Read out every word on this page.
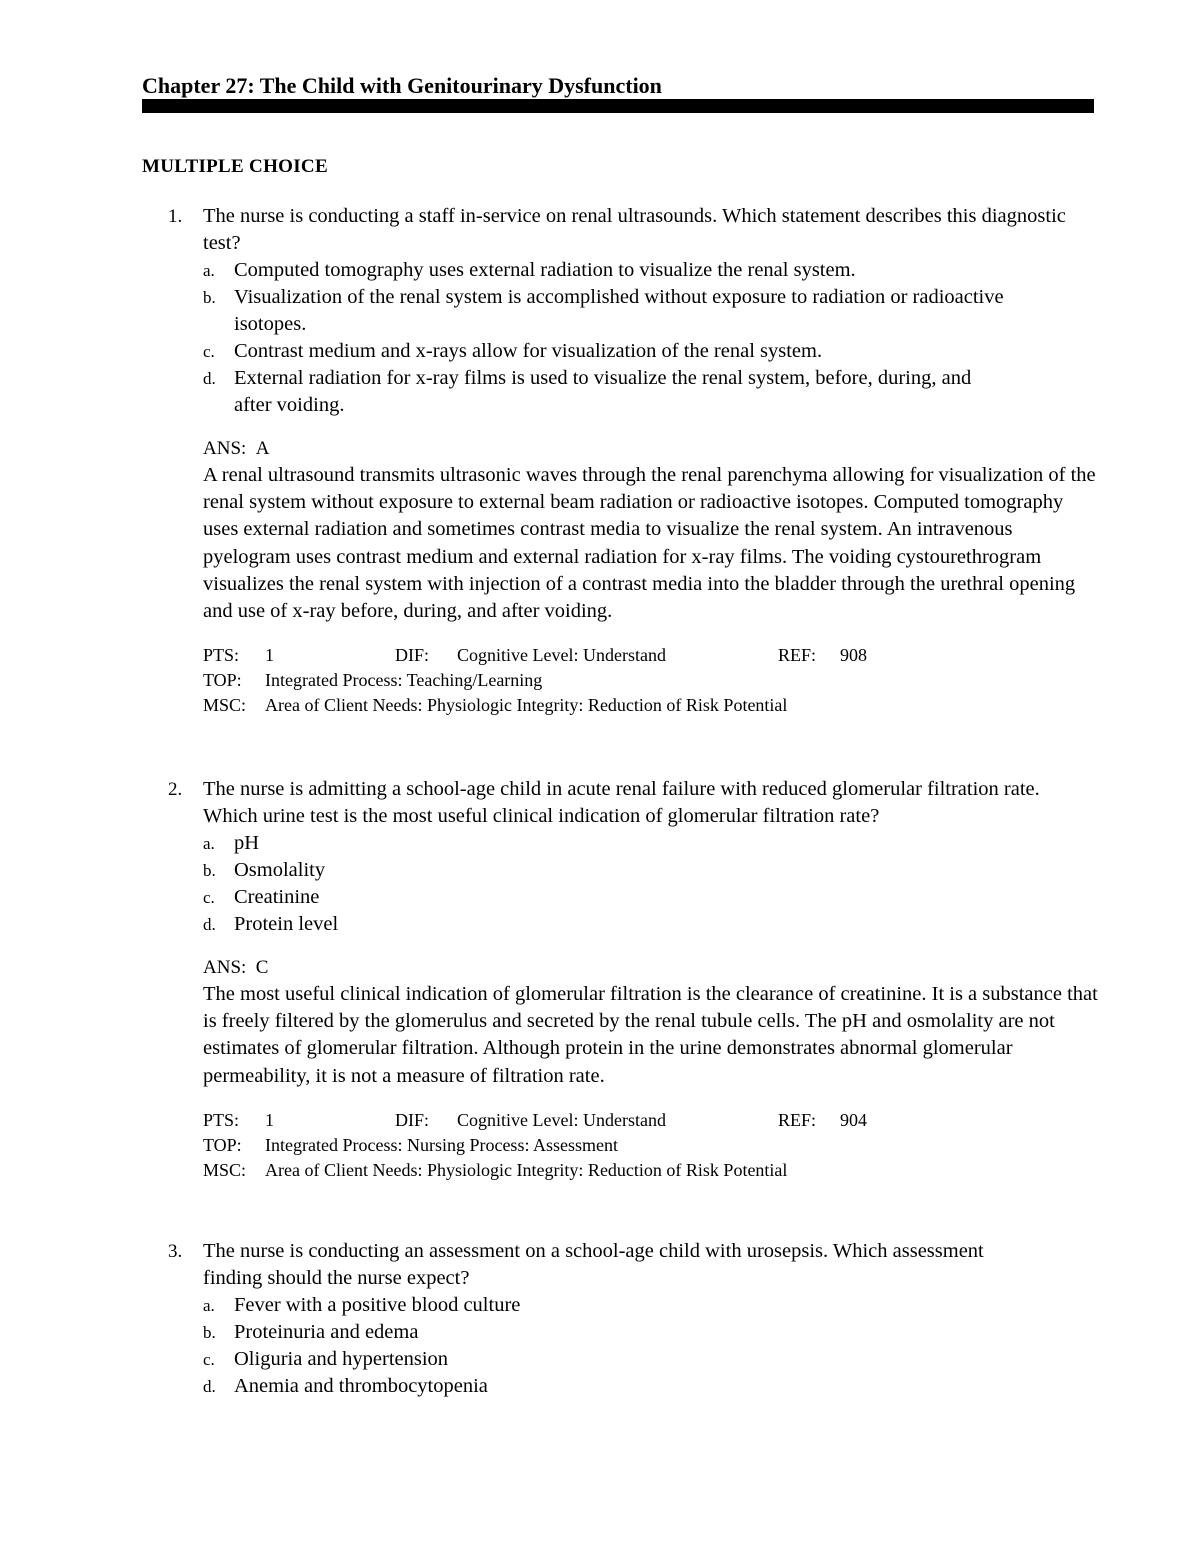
Chapter 27: The Child with Genitourinary Dysfunction
MULTIPLE CHOICE
1. The nurse is conducting a staff in-service on renal ultrasounds. Which statement describes this diagnostic test?

a. Computed tomography uses external radiation to visualize the renal system.
b. Visualization of the renal system is accomplished without exposure to radiation or radioactive isotopes.
c. Contrast medium and x-rays allow for visualization of the renal system.
d. External radiation for x-ray films is used to visualize the renal system, before, during, and after voiding.
ANS: A

A renal ultrasound transmits ultrasonic waves through the renal parenchyma allowing for visualization of the renal system without exposure to external beam radiation or radioactive isotopes. Computed tomography uses external radiation and sometimes contrast media to visualize the renal system. An intravenous pyelogram uses contrast medium and external radiation for x-ray films. The voiding cystourethrogram visualizes the renal system with injection of a contrast media into the bladder through the urethral opening and use of x-ray before, during, and after voiding.

PTS:	1	DIF:	Cognitive Level: Understand	REF:	908
TOP:	Integrated Process: Teaching/Learning
MSC:	Area of Client Needs: Physiologic Integrity: Reduction of Risk Potential
2. The nurse is admitting a school-age child in acute renal failure with reduced glomerular filtration rate. Which urine test is the most useful clinical indication of glomerular filtration rate?

a. pH
b. Osmolality
c. Creatinine
d. Protein level
ANS: C

The most useful clinical indication of glomerular filtration is the clearance of creatinine. It is a substance that is freely filtered by the glomerulus and secreted by the renal tubule cells. The pH and osmolality are not estimates of glomerular filtration. Although protein in the urine demonstrates abnormal glomerular permeability, it is not a measure of filtration rate.

PTS:	1	DIF:	Cognitive Level: Understand	REF:	904
TOP:	Integrated Process: Nursing Process: Assessment
MSC:	Area of Client Needs: Physiologic Integrity: Reduction of Risk Potential
3. The nurse is conducting an assessment on a school-age child with urosepsis. Which assessment finding should the nurse expect?

a. Fever with a positive blood culture
b. Proteinuria and edema
c. Oliguria and hypertension
d. Anemia and thrombocytopenia
